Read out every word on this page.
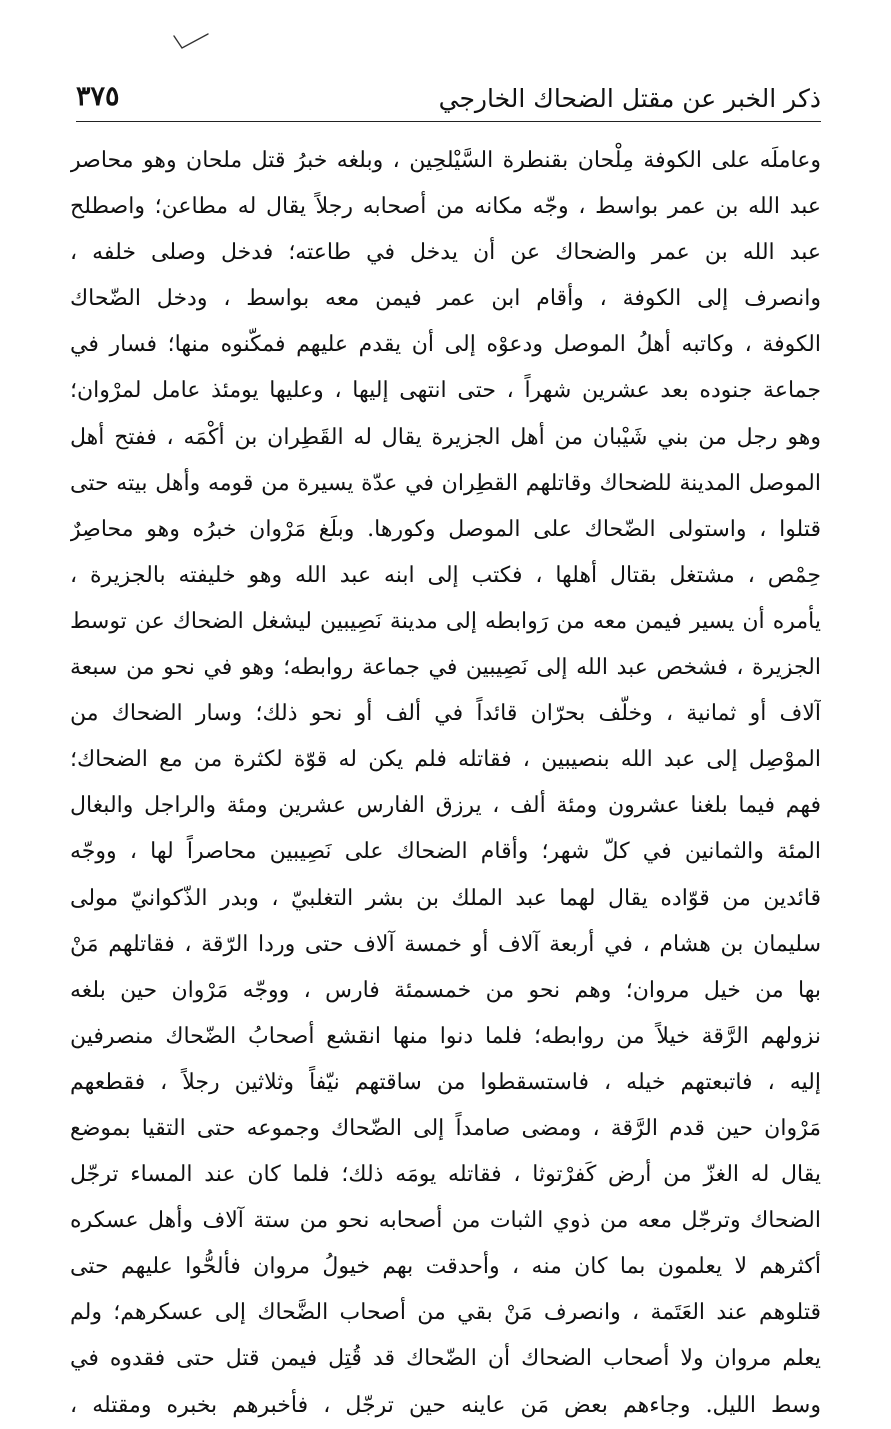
ذكر الخبر عن مقتل الضحاك الخارجي
٣٧٥
وعاملَه على الكوفة مِلْحان بقنطرة السَّيْلحِين ، وبلغه خبرُ قتل ملحان وهو محاصر
عبد الله بن عمر بواسط ، وجّه مكانه من أصحابه رجلاً يقال له مطاعن؛ واصطلح
عبد الله بن عمر والضحاك عن أن يدخل في طاعته؛ فدخل وصلى خلفه ،
وانصرف إلى الكوفة ، وأقام ابن عمر فيمن معه بواسط ، ودخل الضّحاك
الكوفة ، وكاتبه أهلُ الموصل ودعوْه إلى أن يقدم عليهم فمكّنوه منها؛ فسار في
جماعة جنوده بعد عشرين شهراً ، حتى انتهى إليها ، وعليها يومئذ عامل لمرْوان؛
وهو رجل من بني شَيْبان من أهل الجزيرة يقال له القَطِران بن أكْمَه ، ففتح أهل
الموصل المدينة للضحاك وقاتلهم القطِران في عدّة يسيرة من قومه وأهل بيته حتى
قتلوا ، واستولى الضّحاك على الموصل وكورها. وبلَغ مَرْوان خبرُه وهو محاصِرٌ
حِمْص ، مشتغل بقتال أهلها ، فكتب إلى ابنه عبد الله وهو خليفته بالجزيرة ،
يأمره أن يسير فيمن معه من رَوابطه إلى مدينة نَصِيبين ليشغل الضحاك عن توسط
الجزيرة ، فشخص عبد الله إلى نَصِيبين في جماعة روابطه؛ وهو في نحو من سبعة
آلاف أو ثمانية ، وخلّف بحرّان قائداً في ألف أو نحو ذلك؛ وسار الضحاك من
الموْصِل إلى عبد الله بنصيبين ، فقاتله فلم يكن له قوّة لكثرة من مع الضحاك؛
فهم فيما بلغنا عشرون ومئة ألف ، يرزق الفارس عشرين ومئة والراجل والبغال
المئة والثمانين في كلّ شهر؛ وأقام الضحاك على نَصِيبين محاصراً لها ، ووجّه
قائدين من قوّاده يقال لهما عبد الملك بن بشر التغلبيّ ، وبدر الذّكوانيّ مولى
سليمان بن هشام ، في أربعة آلاف أو خمسة آلاف حتى وردا الرّقة ، فقاتلهم مَنْ
بها من خيل مروان؛ وهم نحو من خمسمئة فارس ، ووجّه مَرْوان حين بلغه
نزولهم الرَّقة خيلاً من روابطه؛ فلما دنوا منها انقشع أصحابُ الضّحاك منصرفين
إليه ، فاتبعتهم خيله ، فاستسقطوا من ساقتهم نيّفاً وثلاثين رجلاً ، فقطعهم
مَرْوان حين قدم الرَّقة ، ومضى صامداً إلى الضّحاك وجموعه حتى التقيا بموضع
يقال له الغزّ من أرض كَفرْتوثا ، فقاتله يومَه ذلك؛ فلما كان عند المساء ترجّل
الضحاك وترجّل معه من ذوي الثبات من أصحابه نحو من ستة آلاف وأهل عسكره
أكثرهم لا يعلمون بما كان منه ، وأحدقت بهم خيولُ مروان فألحُّوا عليهم حتى
قتلوهم عند العَتَمة ، وانصرف مَنْ بقي من أصحاب الضَّحاك إلى عسكرهم؛ ولم
يعلم مروان ولا أصحاب الضحاك أن الضّحاك قد قُتِل فيمن قتل حتى فقدوه في
وسط الليل. وجاءهم بعض مَن عاينه حين ترجّل ، فأخبرهم بخبره ومقتله ،
